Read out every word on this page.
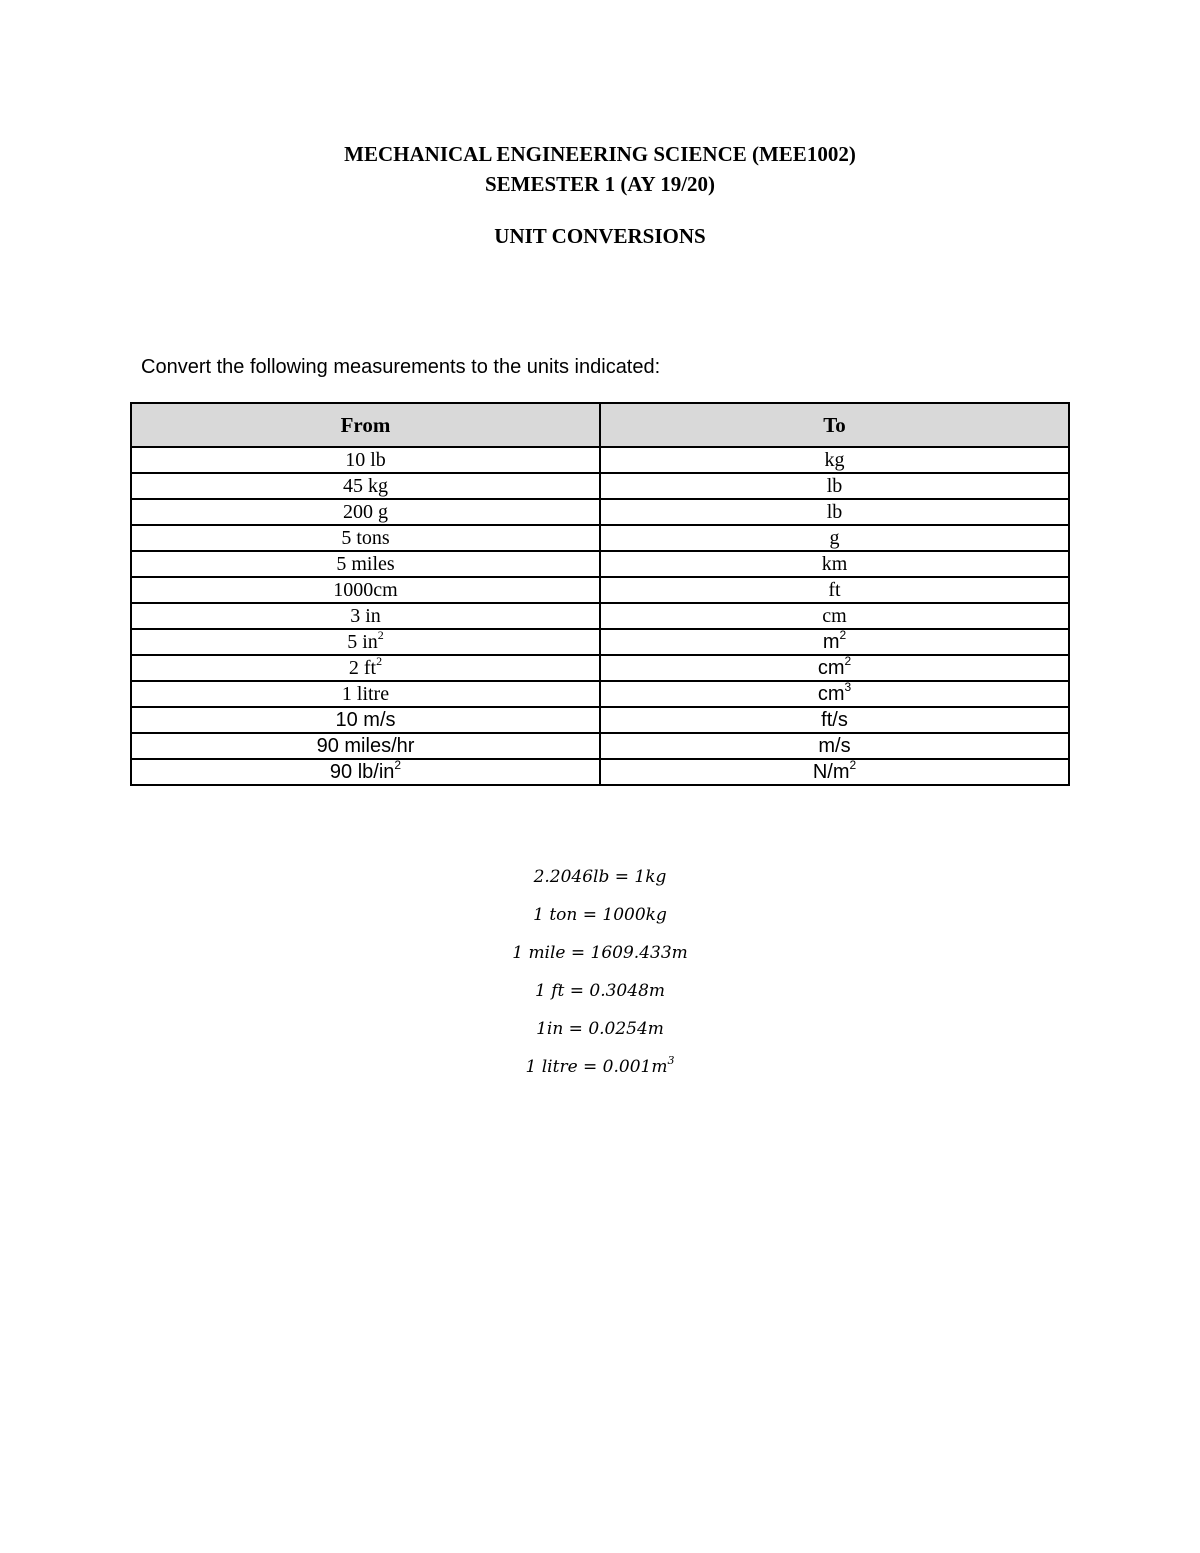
MECHANICAL ENGINEERING SCIENCE (MEE1002)
SEMESTER 1 (AY 19/20)
UNIT CONVERSIONS
Convert the following measurements to the units indicated:
From	To
10 lb	kg
45 kg	lb
200 g	lb
5 tons	g
5 miles	km
1000cm	ft
3 in	cm
5 $in^2$	$m^2$
2 $ft^2$	$cm^2$
1 litre	$cm^3$
10 m/s	ft/s
90 miles/hr	m/s
90 $lb/in^2$	$N/m^2$
2.2046lb = 1kg
1 ton = 1000kg
1 mile = 1609.433m
1 ft = 0.3048m
1in = 0.0254m
1 litre = $0.001m^3$
